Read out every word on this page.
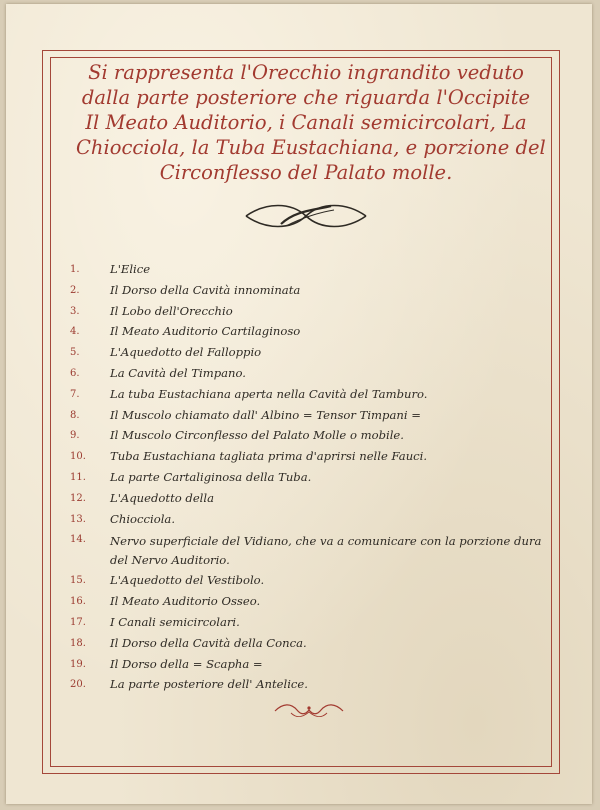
Si rappresenta l'Orecchio ingrandito veduto
dalla parte posteriore che riguarda l'Occipite
Il Meato Auditorio, i Canali semicircolari, La
Chiocciola, la Tuba Eustachiana, e porzione del
Circonflesso del Palato molle.
1.	L'Elice
2.	Il Dorso della Cavità innominata
3.	Il Lobo dell'Orecchio
4.	Il Meato Auditorio Cartilaginoso
5.	L'Aquedotto del Falloppio
6.	La Cavità del Timpano.
7.	La tuba Eustachiana aperta nella Cavità del Tamburo.
8.	Il Muscolo chiamato dall' Albino = Tensor Timpani =
9.	Il Muscolo Circonflesso del Palato Molle o mobile.
10.	Tuba Eustachiana tagliata prima d'aprirsi nelle Fauci.
11.	La parte Cartaliginosa della Tuba.
12.	L'Aquedotto della
13.	Chiocciola.
14.	Nervo superficiale del Vidiano, che va a comunicare con la porzione dura del Nervo Auditorio.
15.	L'Aquedotto del Vestibolo.
16.	Il Meato Auditorio Osseo.
17.	I Canali semicircolari.
18.	Il Dorso della Cavità della Conca.
19.	Il Dorso della = Scapha =
20.	La parte posteriore dell' Antelice.
